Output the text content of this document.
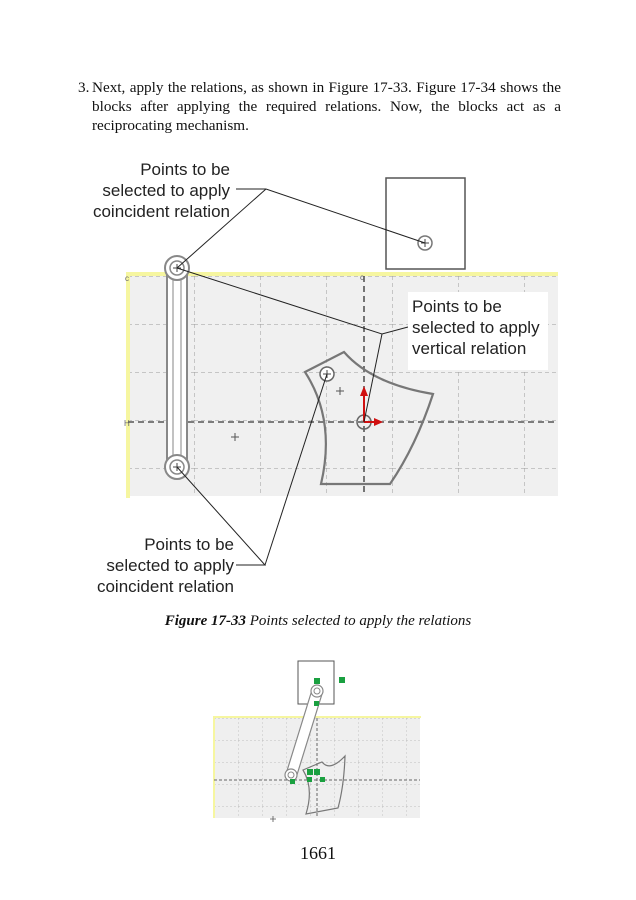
3. Next, apply the relations, as shown in Figure 17-33. Figure 17-34 shows the blocks after applying the required relations. Now, the blocks act as a reciprocating mechanism.
c	c
H
Points to be
selected to apply
coincident relation
Points to be
selected to apply
vertical relation
Points to be
selected to apply
coincident relation
Figure 17-33 Points selected to apply the relations
1661
